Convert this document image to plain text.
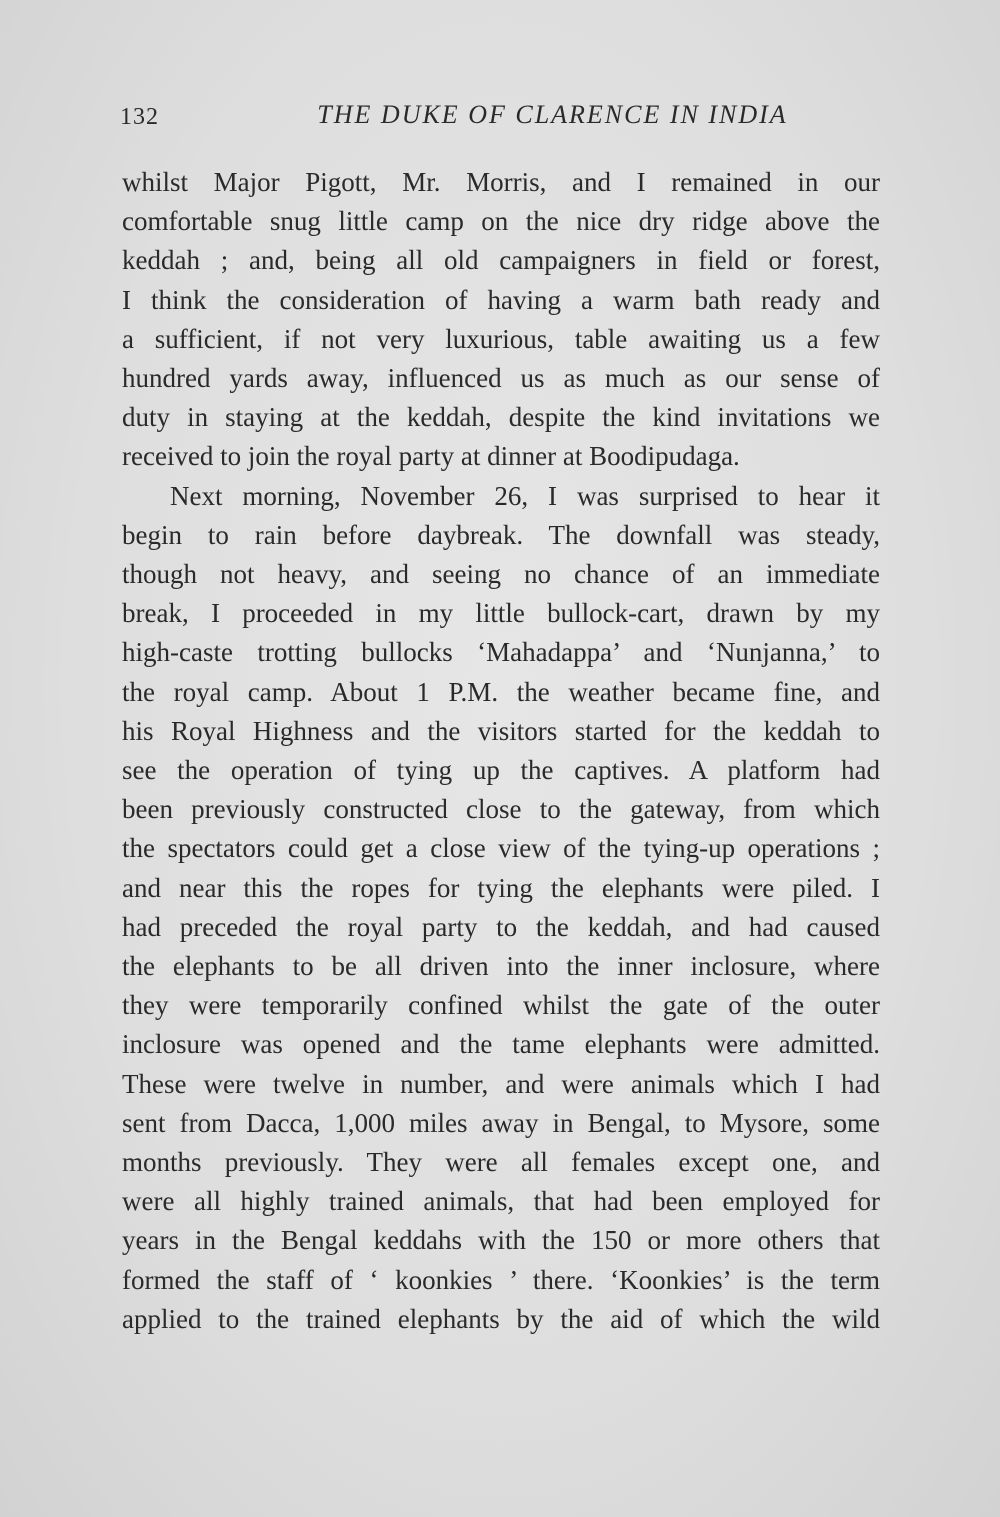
132	THE DUKE OF CLARENCE IN INDIA
whilst Major Pigott, Mr. Morris, and I remained in our
comfortable snug little camp on the nice dry ridge above the
keddah ; and, being all old campaigners in field or forest,
I think the consideration of having a warm bath ready and
a sufficient, if not very luxurious, table awaiting us a few
hundred yards away, influenced us as much as our sense of
duty in staying at the keddah, despite the kind invitations we
received to join the royal party at dinner at Boodipudaga.
Next morning, November 26, I was surprised to hear it
begin to rain before daybreak. The downfall was steady,
though not heavy, and seeing no chance of an immediate
break, I proceeded in my little bullock-cart, drawn by my
high-caste trotting bullocks ‘Mahadappa’ and ‘Nunjanna,’ to
the royal camp. About 1 P.M. the weather became fine, and
his Royal Highness and the visitors started for the keddah to
see the operation of tying up the captives. A platform had
been previously constructed close to the gateway, from which
the spectators could get a close view of the tying-up operations ;
and near this the ropes for tying the elephants were piled. I
had preceded the royal party to the keddah, and had caused
the elephants to be all driven into the inner inclosure, where
they were temporarily confined whilst the gate of the outer
inclosure was opened and the tame elephants were admitted.
These were twelve in number, and were animals which I had
sent from Dacca, 1,000 miles away in Bengal, to Mysore, some
months previously. They were all females except one, and
were all highly trained animals, that had been employed for
years in the Bengal keddahs with the 150 or more others that
formed the staff of ‘ koonkies ’ there. ‘Koonkies’ is the term
applied to the trained elephants by the aid of which the wild
